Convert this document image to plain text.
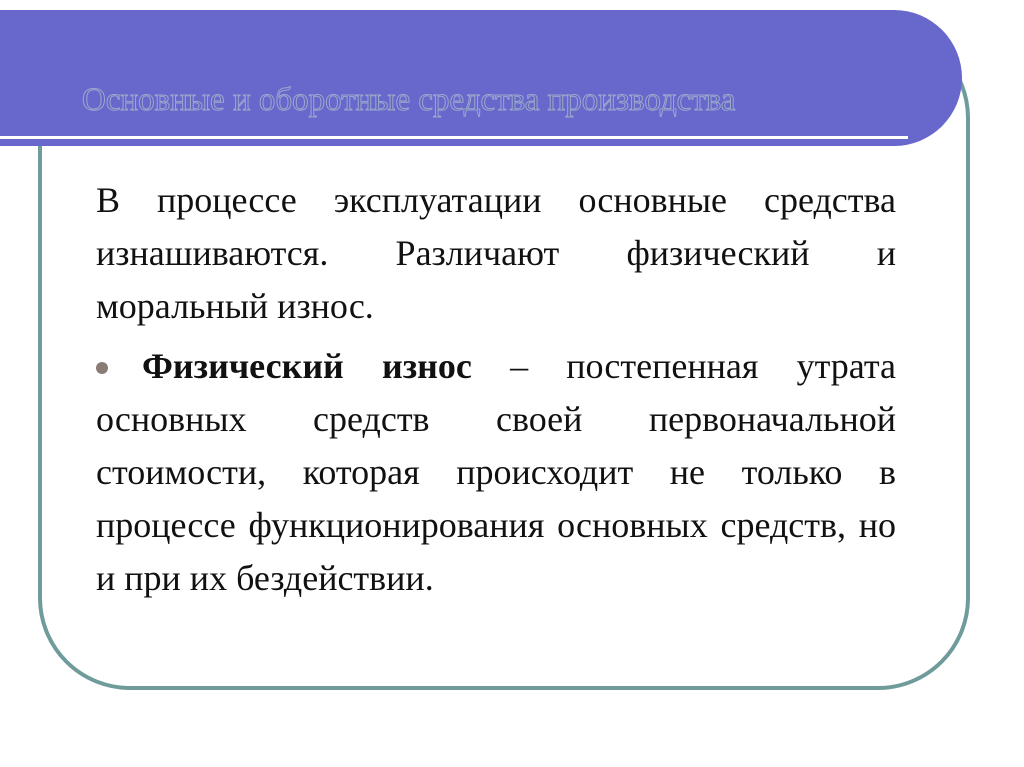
Основные и оборотные средства производства

В процессе эксплуатации основные средства изнашиваются. Различают физический и моральный износ.

Физический износ – постепенная утрата основных средств своей первоначальной стоимости, которая происходит не только в процессе функционирования основных средств, но и при их бездействии.
